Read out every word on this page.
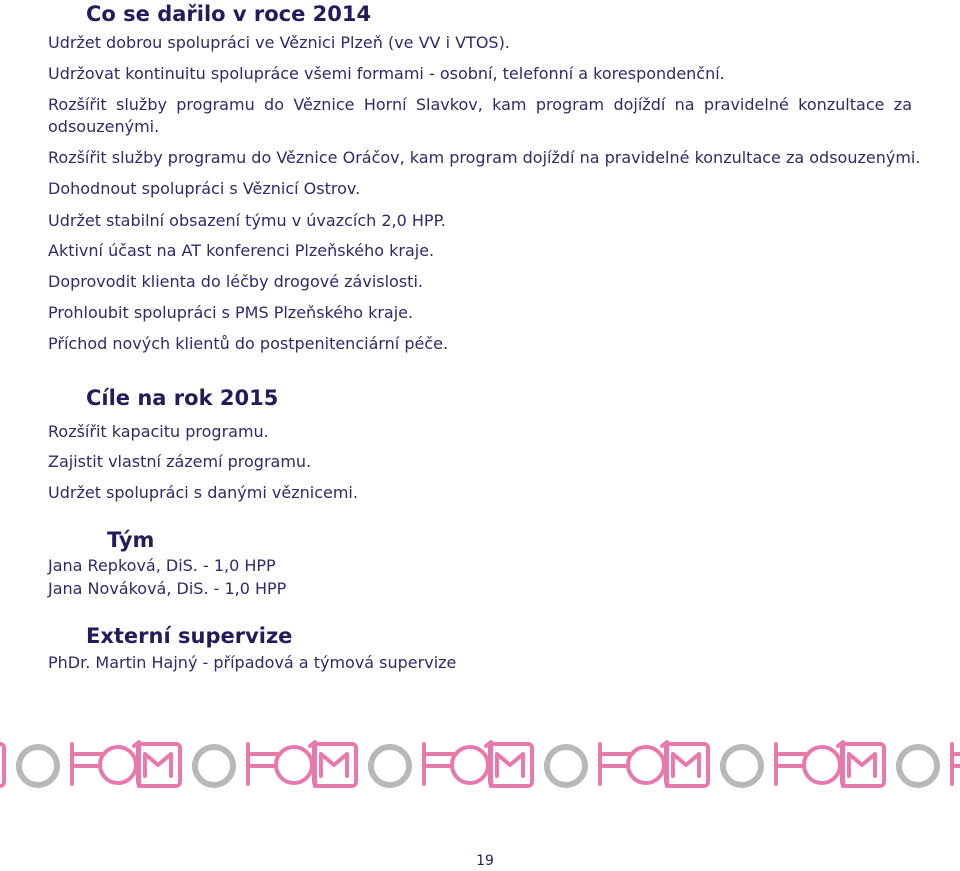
Co se dařilo v roce 2014

Udržet dobrou spolupráci ve Věznici Plzeň (ve VV i VTOS).

Udržovat kontinuitu spolupráce všemi formami - osobní, telefonní a korespondenční.

Rozšířit služby programu do Věznice Horní Slavkov, kam program dojíždí na pravidelné konzultace za odsouzenými.

Rozšířit služby programu do Věznice Oráčov, kam program dojíždí na pravidelné konzultace za odsouzenými.

Dohodnout spolupráci s Věznicí Ostrov.

Udržet stabilní obsazení týmu v úvazcích 2,0 HPP.

Aktivní účast na AT konferenci Plzeňského kraje.

Doprovodit klienta do léčby drogové závislosti.

Prohloubit spolupráci s PMS Plzeňského kraje.

Příchod nových klientů do postpenitenciární péče.

Cíle na rok 2015

Rozšířit kapacitu programu.

Zajistit vlastní zázemí programu.

Udržet spolupráci s danými věznicemi.

Tým

Jana Repková, DiS. - 1,0 HPP

Jana Nováková, DiS. - 1,0 HPP

Externí supervize

PhDr. Martin Hajný - případová a týmová supervize

19
